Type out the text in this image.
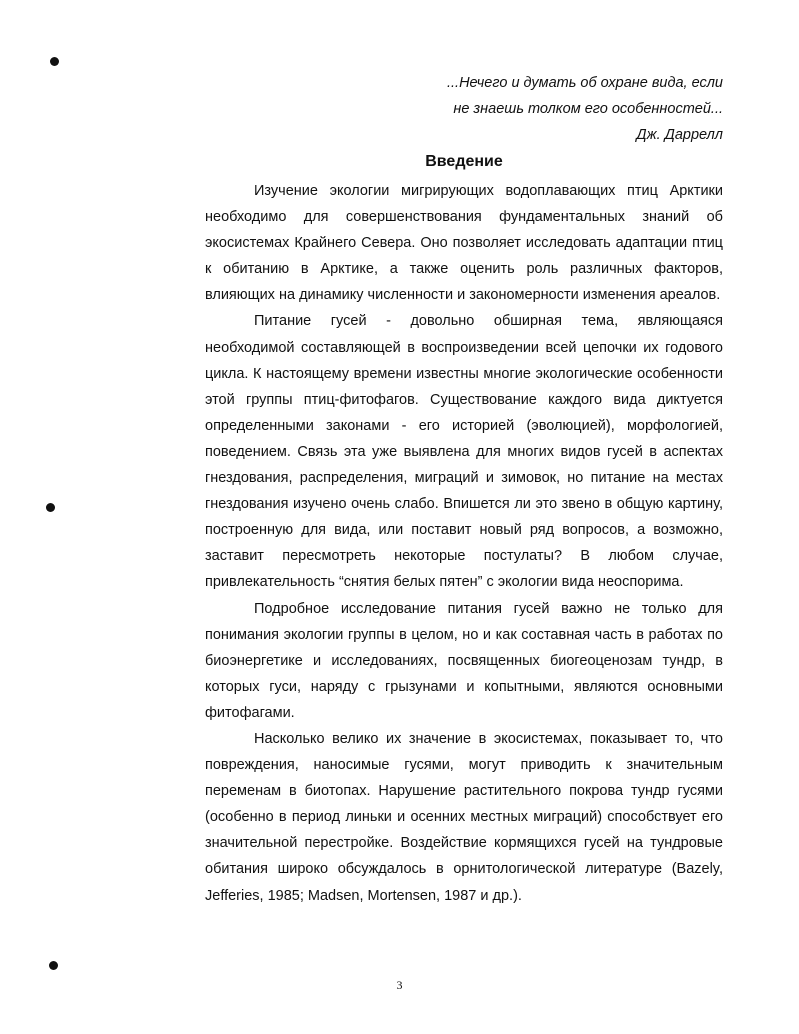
...Нечего и думать об охране вида, если
не знаешь толком его особенностей...
Дж. Даррелл
Введение

Изучение экологии мигрирующих водоплавающих птиц Арктики необходимо для совершенствования фундаментальных знаний об экосистемах Крайнего Севера. Оно позволяет исследовать адаптации птиц к обитанию в Арктике, а также оценить роль различных факторов, влияющих на динамику численности и закономерности изменения ареалов.

Питание гусей - довольно обширная тема, являющаяся необходимой составляющей в воспроизведении всей цепочки их годового цикла. К настоящему времени известны многие экологические особенности этой группы птиц-фитофагов. Существование каждого вида диктуется определенными законами - его историей (эволюцией), морфологией, поведением. Связь эта уже выявлена для многих видов гусей в аспектах гнездования, распределения, миграций и зимовок, но питание на местах гнездования изучено очень слабо. Впишется ли это звено в общую картину, построенную для вида, или поставит новый ряд вопросов, а возможно, заставит пересмотреть некоторые постулаты? В любом случае, привлекательность “снятия белых пятен” с экологии вида неоспорима.

Подробное исследование питания гусей важно не только для понимания экологии группы в целом, но и как составная часть в работах по биоэнергетике и исследованиях, посвященных биогеоценозам тундр, в которых гуси, наряду с грызунами и копытными, являются основными фитофагами.

Насколько велико их значение в экосистемах, показывает то, что повреждения, наносимые гусями, могут приводить к значительным переменам в биотопах. Нарушение растительного покрова тундр гусями (особенно в период линьки и осенних местных миграций) способствует его значительной перестройке. Воздействие кормящихся гусей на тундровые обитания широко обсуждалось в орнитологической литературе (Bazely, Jefferies, 1985; Madsen, Mortensen, 1987 и др.).

3
